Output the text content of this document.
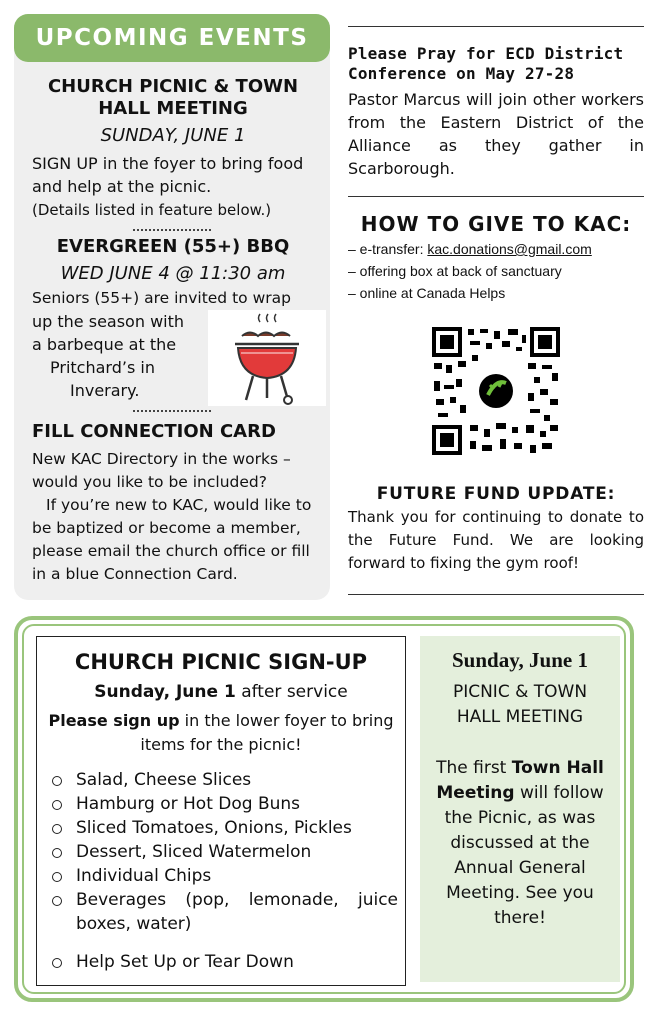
UPCOMING EVENTS
CHURCH PICNIC & TOWN HALL MEETING
SUNDAY, JUNE 1
SIGN UP in the foyer to bring food and help at the picnic.
(Details listed in feature below.)
EVERGREEN (55+) BBQ
WED JUNE 4 @ 11:30 am
Seniors (55+) are invited to wrap
up the season with
a barbeque at the
Pritchard’s in
Inverary.
FILL CONNECTION CARD
New KAC Directory in the works – would you like to be included?
If you’re new to KAC, would like to be baptized or become a member, please email the church office or fill in a blue Connection Card.
Please Pray for ECD District Conference on May 27-28
Pastor Marcus will join other workers from the Eastern District of the Alliance as they gather in Scarborough.
HOW TO GIVE TO KAC:
– e-transfer: kac.donations@gmail.com
– offering box at back of sanctuary
– online at Canada Helps
FUTURE FUND UPDATE:
Thank you for continuing to donate to the Future Fund. We are looking forward to fixing the gym roof!
CHURCH PICNIC SIGN-UP
Sunday, June 1 after service
Please sign up in the lower foyer to bring items for the picnic!
Salad, Cheese Slices
Hamburg or Hot Dog Buns
Sliced Tomatoes, Onions, Pickles
Dessert, Sliced Watermelon
Individual Chips
Beverages (pop, lemonade, juice boxes, water)
Help Set Up or Tear Down
Sunday, June 1
PICNIC & TOWN HALL MEETING
The first Town Hall Meeting will follow the Picnic, as was discussed at the Annual General Meeting. See you there!
